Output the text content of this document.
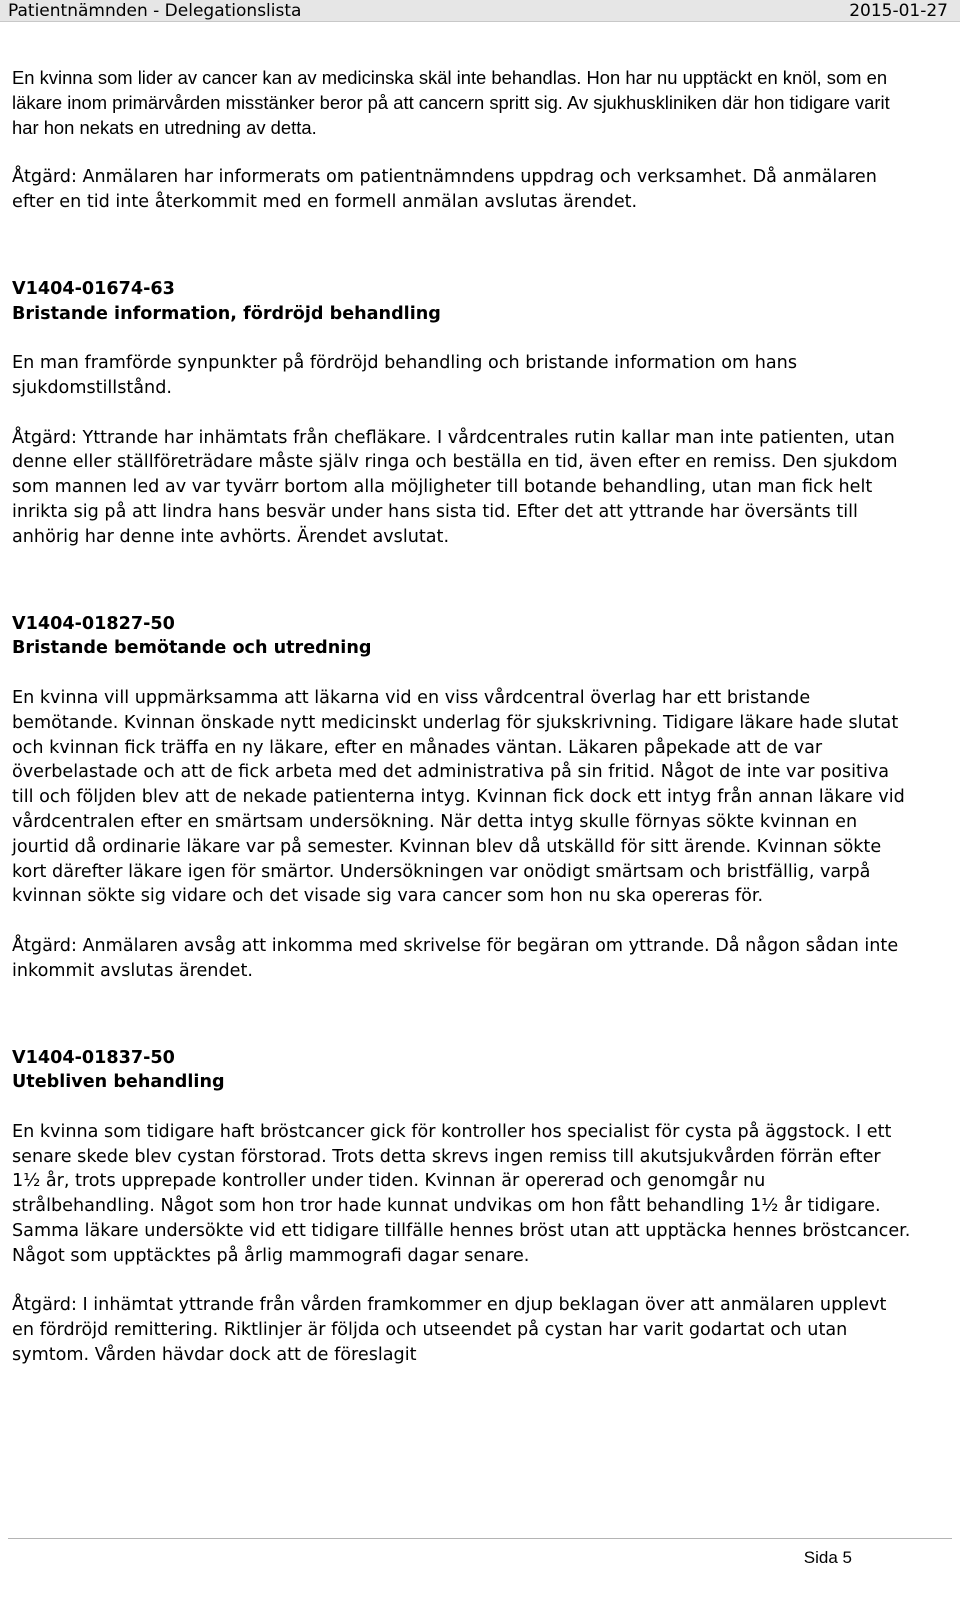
Patientnämnden - Delegationslista	2015-01-27

En kvinna som lider av cancer kan av medicinska skäl inte behandlas. Hon har nu upptäckt en knöl, som en läkare inom primärvården misstänker beror på att cancern spritt sig. Av sjukhuskliniken där hon tidigare varit har hon nekats en utredning av detta.

Åtgärd: Anmälaren har informerats om patientnämndens uppdrag och verksamhet. Då anmälaren efter en tid inte återkommit med en formell anmälan avslutas ärendet.

V1404-01674-63
Bristande information, fördröjd behandling

En man framförde synpunkter på fördröjd behandling och bristande information om hans sjukdomstillstånd.

Åtgärd: Yttrande har inhämtats från chefläkare. I vårdcentrales rutin kallar man inte patienten, utan denne eller ställföreträdare måste själv ringa och beställa en tid, även efter en remiss. Den sjukdom som mannen led av var tyvärr bortom alla möjligheter till botande behandling, utan man fick helt inrikta sig på att lindra hans besvär under hans sista tid. Efter det att yttrande har översänts till anhörig har denne inte avhörts. Ärendet avslutat.

V1404-01827-50
Bristande bemötande och utredning

En kvinna vill uppmärksamma att läkarna vid en viss vårdcentral överlag har ett bristande bemötande. Kvinnan önskade nytt medicinskt underlag för sjukskrivning. Tidigare läkare hade slutat och kvinnan fick träffa en ny läkare, efter en månades väntan. Läkaren påpekade att de var överbelastade och att de fick arbeta med det administrativa på sin fritid. Något de inte var positiva till och följden blev att de nekade patienterna intyg. Kvinnan fick dock ett intyg från annan läkare vid vårdcentralen efter en smärtsam undersökning. När detta intyg skulle förnyas sökte kvinnan en jourtid då ordinarie läkare var på semester. Kvinnan blev då utskälld för sitt ärende. Kvinnan sökte kort därefter läkare igen för smärtor. Undersökningen var onödigt smärtsam och bristfällig, varpå kvinnan sökte sig vidare och det visade sig vara cancer som hon nu ska opereras för.

Åtgärd: Anmälaren avsåg att inkomma med skrivelse för begäran om yttrande. Då någon sådan inte inkommit avslutas ärendet.

V1404-01837-50
Utebliven behandling

En kvinna som tidigare haft bröstcancer gick för kontroller hos specialist för cysta på äggstock. I ett senare skede blev cystan förstorad. Trots detta skrevs ingen remiss till akutsjukvården förrän efter 1½ år, trots upprepade kontroller under tiden. Kvinnan är opererad och genomgår nu strålbehandling. Något som hon tror hade kunnat undvikas om hon fått behandling 1½ år tidigare. Samma läkare undersökte vid ett tidigare tillfälle hennes bröst utan att upptäcka hennes bröstcancer. Något som upptäcktes på årlig mammografi dagar senare.

Åtgärd: I inhämtat yttrande från vården framkommer en djup beklagan över att anmälaren upplevt en fördröjd remittering. Riktlinjer är följda och utseendet på cystan har varit godartat och utan symtom. Vården hävdar dock att de föreslagit

Sida 5
